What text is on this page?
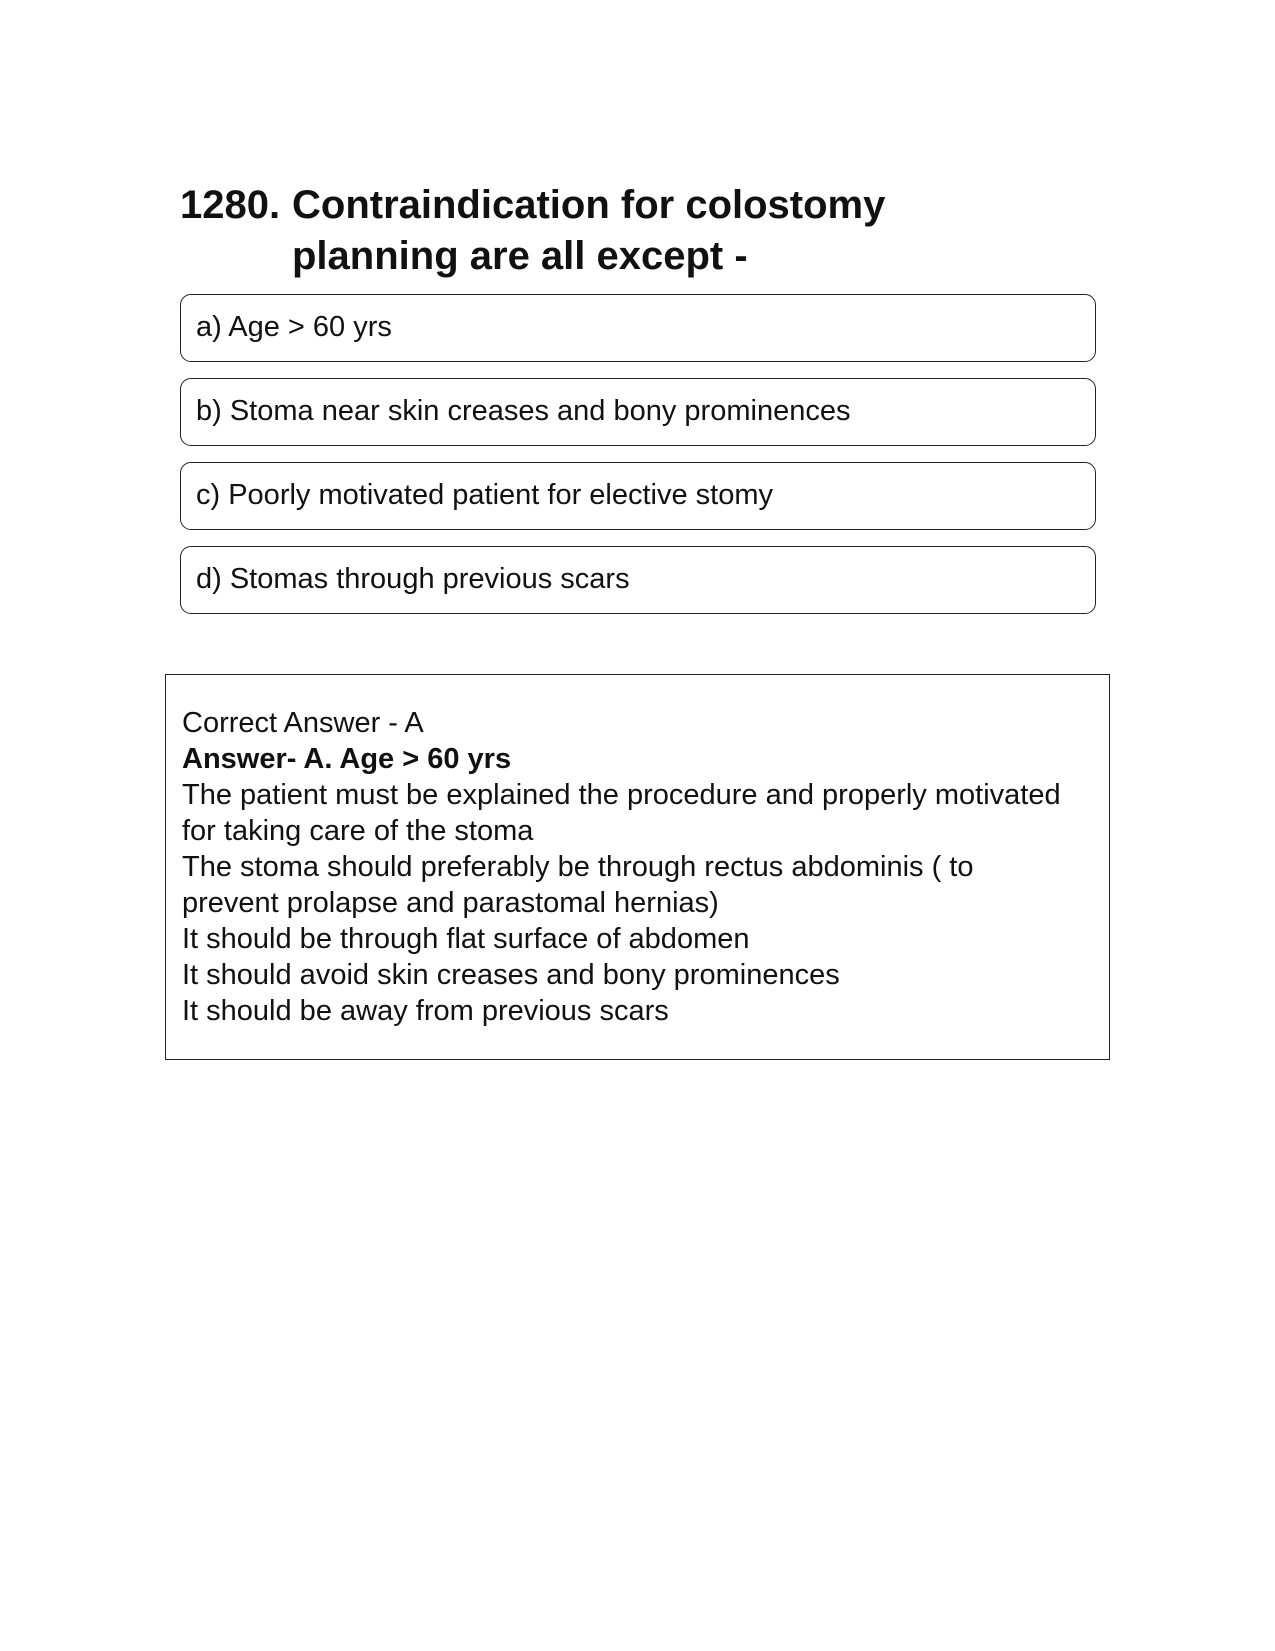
1280. Contraindication for colostomy
planning are all except -
a) Age > 60 yrs
b) Stoma near skin creases and bony prominences
c) Poorly motivated patient for elective stomy
d) Stomas through previous scars
Correct Answer - A
Answer- A. Age > 60 yrs
The patient must be explained the procedure and properly motivated
for taking care of the stoma
The stoma should preferably be through rectus abdominis ( to
prevent prolapse and parastomal hernias)
It should be through flat surface of abdomen
It should avoid skin creases and bony prominences
It should be away from previous scars
